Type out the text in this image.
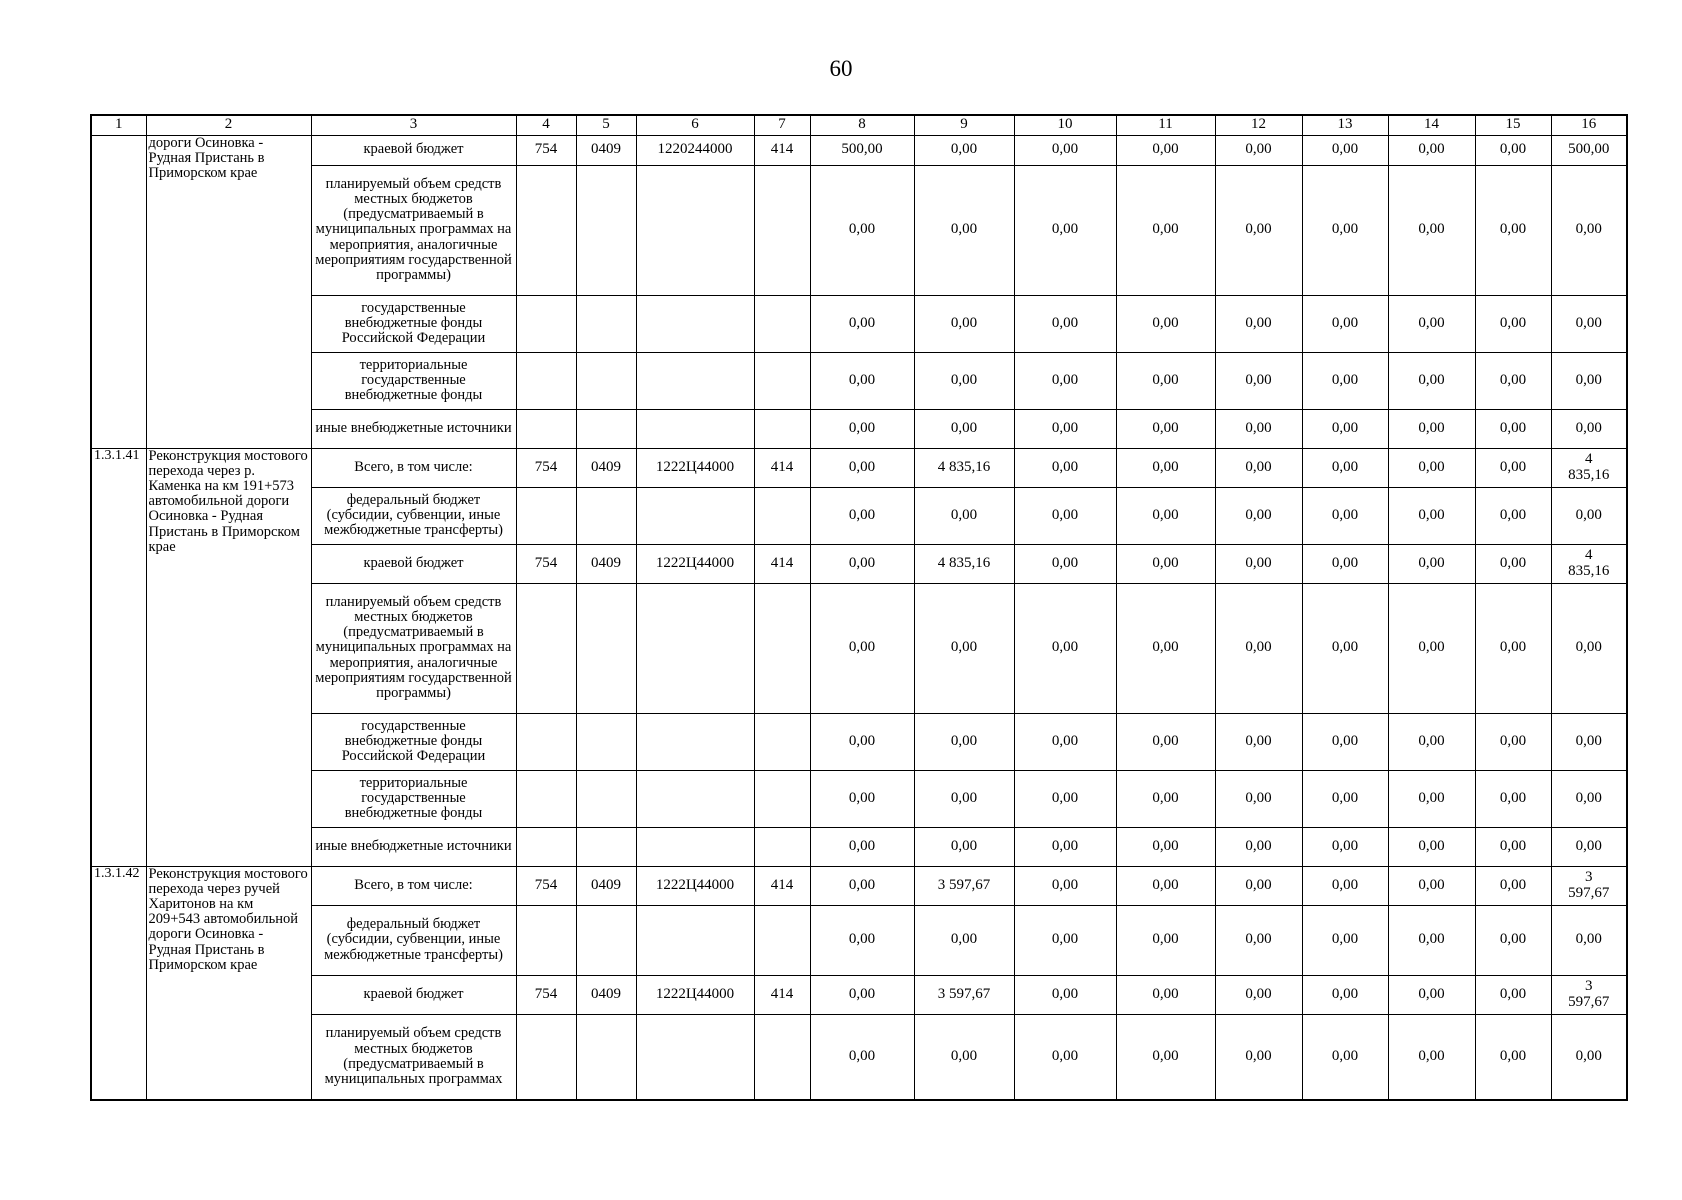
60
1	2	3	4	5	6	7	8	9	10	11	12	13	14	15	16
	дороги Осиновка -
Рудная Пристань в
Приморском крае	краевой бюджет	754	0409	1220244000	414	500,00	0,00	0,00	0,00	0,00	0,00	0,00	0,00	500,00
		планируемый объем средств местных бюджетов (предусматриваемый в муниципальных программах на мероприятия, аналогичные мероприятиям государственной программы)					0,00	0,00	0,00	0,00	0,00	0,00	0,00	0,00	0,00
		государственные внебюджетные фонды Российской Федерации					0,00	0,00	0,00	0,00	0,00	0,00	0,00	0,00	0,00
		территориальные государственные внебюджетные фонды					0,00	0,00	0,00	0,00	0,00	0,00	0,00	0,00	0,00
		иные внебюджетные источники					0,00	0,00	0,00	0,00	0,00	0,00	0,00	0,00	0,00
1.3.1.41	Реконструкция мостового перехода через р. Каменка на км 191+573 автомобильной дороги Осиновка - Рудная Пристань в Приморском крае	Всего, в том числе:	754	0409	1222Ц44000	414	0,00	4 835,16	0,00	0,00	0,00	0,00	0,00	0,00	4
835,16
		федеральный бюджет (субсидии, субвенции, иные межбюджетные трансферты)					0,00	0,00	0,00	0,00	0,00	0,00	0,00	0,00	0,00
		краевой бюджет	754	0409	1222Ц44000	414	0,00	4 835,16	0,00	0,00	0,00	0,00	0,00	0,00	4
835,16
		планируемый объем средств местных бюджетов (предусматриваемый в муниципальных программах на мероприятия, аналогичные мероприятиям государственной программы)					0,00	0,00	0,00	0,00	0,00	0,00	0,00	0,00	0,00
		государственные внебюджетные фонды Российской Федерации					0,00	0,00	0,00	0,00	0,00	0,00	0,00	0,00	0,00
		территориальные государственные внебюджетные фонды					0,00	0,00	0,00	0,00	0,00	0,00	0,00	0,00	0,00
		иные внебюджетные источники					0,00	0,00	0,00	0,00	0,00	0,00	0,00	0,00	0,00
1.3.1.42	Реконструкция мостового перехода через ручей Харитонов на км 209+543 автомобильной дороги Осиновка - Рудная Пристань в Приморском крае	Всего, в том числе:	754	0409	1222Ц44000	414	0,00	3 597,67	0,00	0,00	0,00	0,00	0,00	0,00	3
597,67
		федеральный бюджет (субсидии, субвенции, иные межбюджетные трансферты)					0,00	0,00	0,00	0,00	0,00	0,00	0,00	0,00	0,00
		краевой бюджет	754	0409	1222Ц44000	414	0,00	3 597,67	0,00	0,00	0,00	0,00	0,00	0,00	3
597,67
		планируемый объем средств местных бюджетов (предусматриваемый в муниципальных программах					0,00	0,00	0,00	0,00	0,00	0,00	0,00	0,00	0,00
